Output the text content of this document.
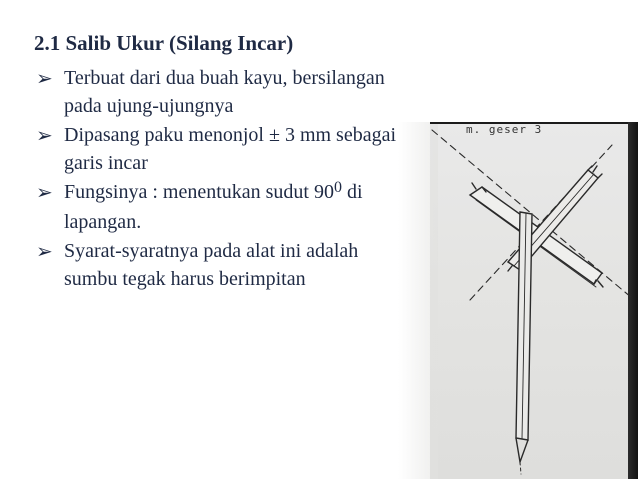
m. geser 3
2.1 Salib Ukur (Silang Incar)
➢ Terbuat dari dua buah kayu, bersilangan
pada ujung-ujungnya
➢ Dipasang paku menonjol ± 3 mm sebagai
garis incar
➢ Fungsinya : menentukan sudut $90^0$ di
lapangan.
➢ Syarat-syaratnya pada alat ini adalah
sumbu tegak harus berimpitan
